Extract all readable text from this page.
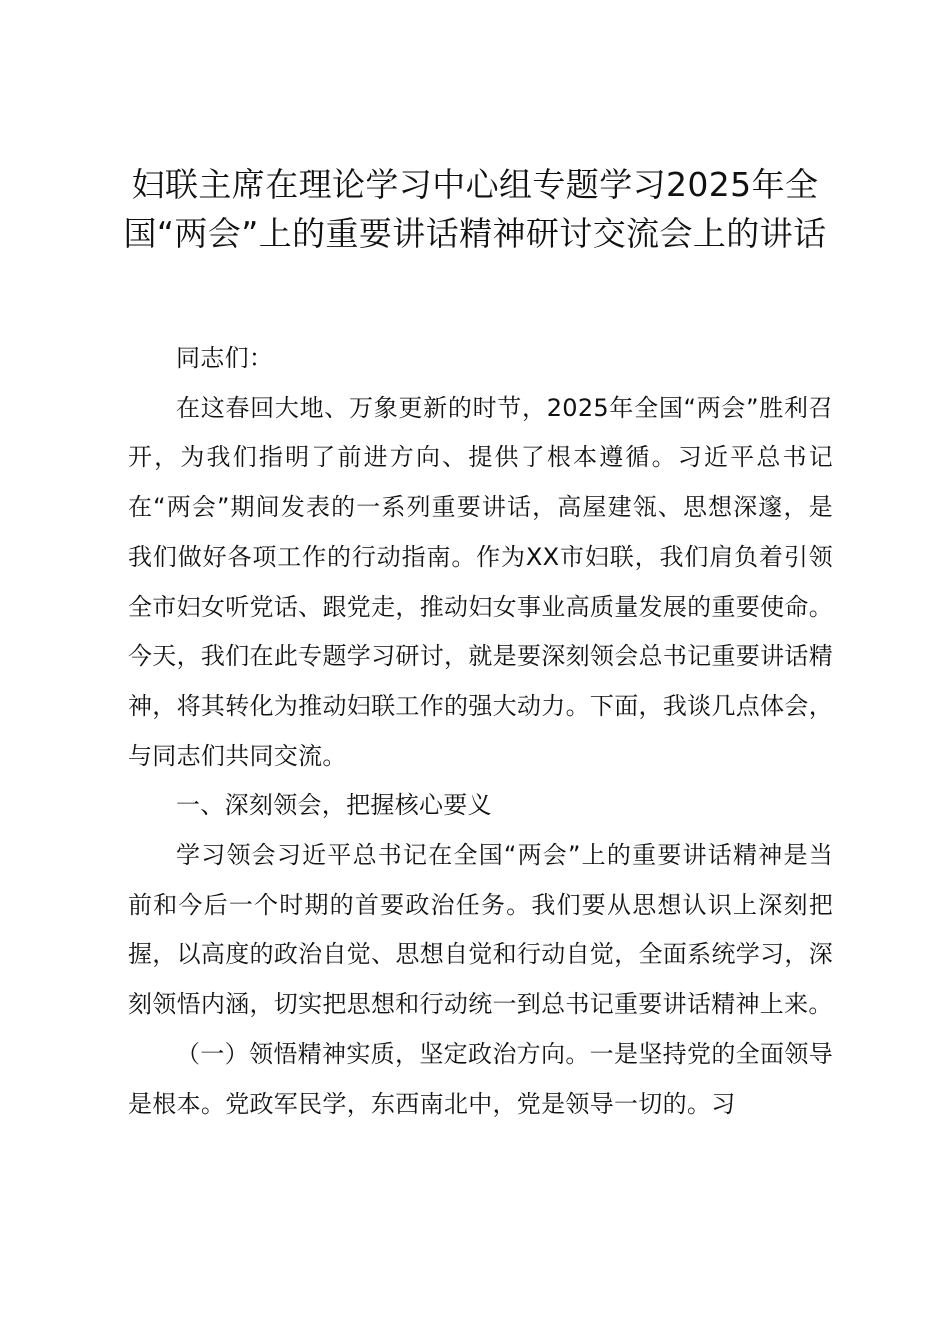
妇联主席在理论学习中心组专题学习2025年全国“两会”上的重要讲话精神研讨交流会上的讲话

同志们：

在这春回大地、万象更新的时节，2025年全国“两会”胜利召开，为我们指明了前进方向、提供了根本遵循。习近平总书记在“两会”期间发表的一系列重要讲话，高屋建瓴、思想深邃，是我们做好各项工作的行动指南。作为XX市妇联，我们肩负着引领全市妇女听党话、跟党走，推动妇女事业高质量发展的重要使命。今天，我们在此专题学习研讨，就是要深刻领会总书记重要讲话精神，将其转化为推动妇联工作的强大动力。下面，我谈几点体会，与同志们共同交流。

一、深刻领会，把握核心要义

学习领会习近平总书记在全国“两会”上的重要讲话精神是当前和今后一个时期的首要政治任务。我们要从思想认识上深刻把握，以高度的政治自觉、思想自觉和行动自觉，全面系统学习，深刻领悟内涵，切实把思想和行动统一到总书记重要讲话精神上来。

（一）领悟精神实质，坚定政治方向。一是坚持党的全面领导是根本。党政军民学，东西南北中，党是领导一切的。习
